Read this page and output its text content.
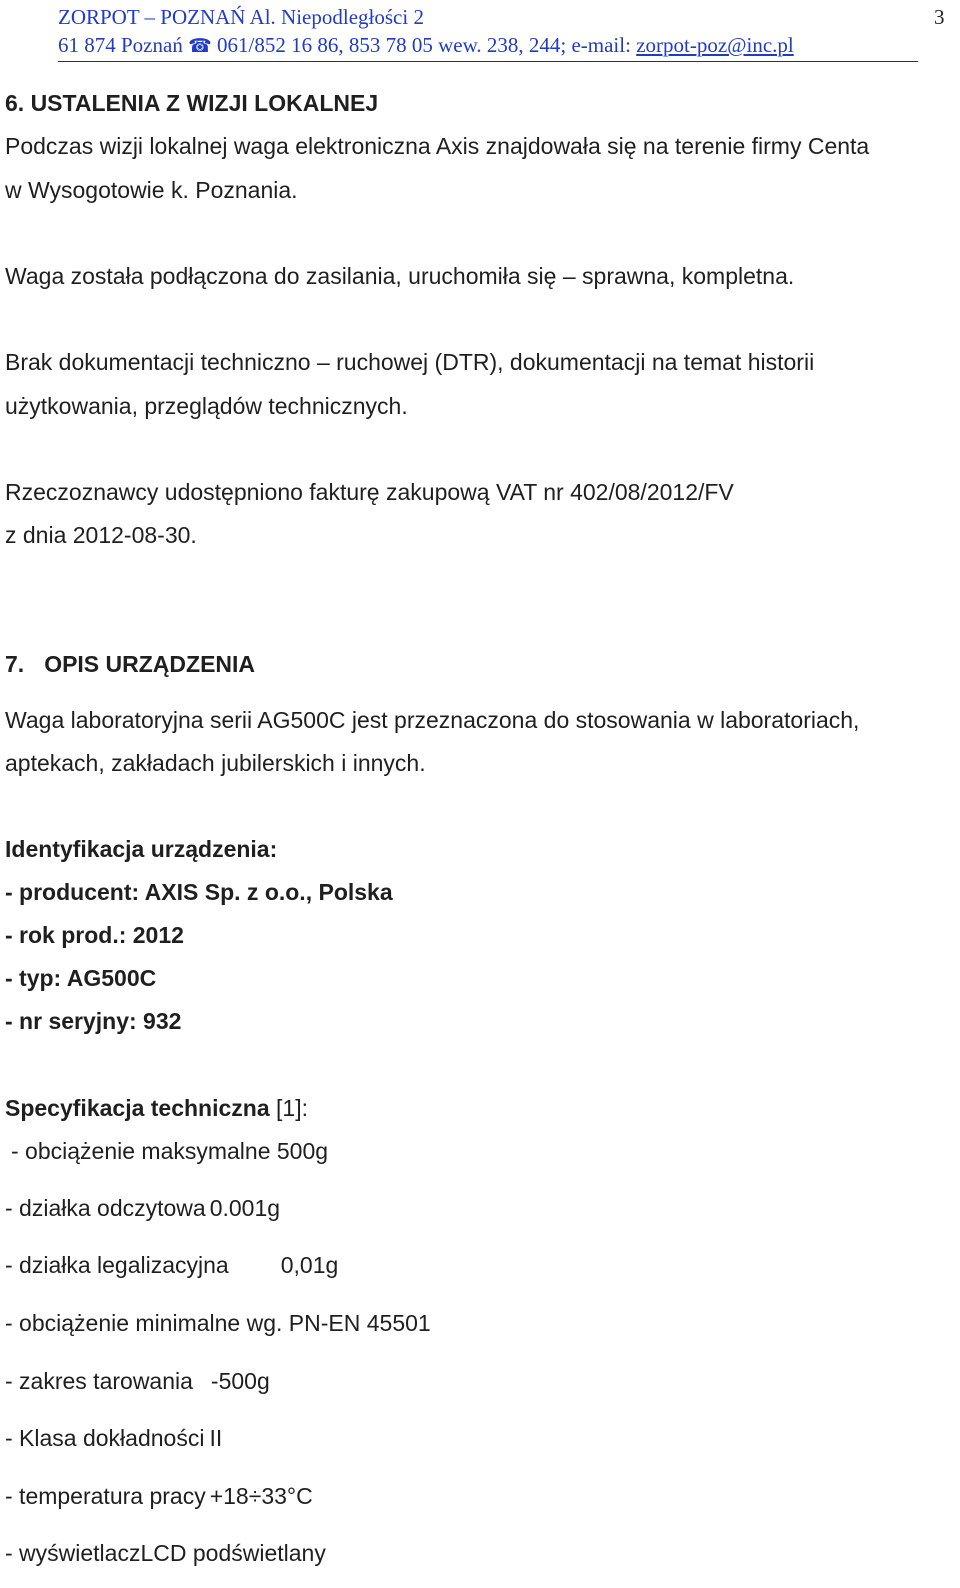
ZORPOT – POZNAŃ Al. Niepodległości 2
61 874 Poznań ☎ 061/852 16 86, 853 78 05 wew. 238, 244; e-mail: zorpot-poz@inc.pl
3
6. USTALENIA Z WIZJI LOKALNEJ
Podczas wizji lokalnej waga elektroniczna Axis znajdowała się na terenie firmy Centa
w Wysogotowie k. Poznania.
Waga została podłączona do zasilania, uruchomiła się – sprawna, kompletna.
Brak dokumentacji techniczno – ruchowej (DTR), dokumentacji na temat historii
użytkowania, przeglądów technicznych.
Rzeczoznawcy udostępniono fakturę zakupową VAT nr 402/08/2012/FV
z dnia 2012-08-30.
7. OPIS URZĄDZENIA
Waga laboratoryjna serii AG500C jest przeznaczona do stosowania w laboratoriach,
aptekach, zakładach jubilerskich i innych.
Identyfikacja urządzenia:
- producent: AXIS Sp. z o.o., Polska
- rok prod.: 2012
- typ: AG500C
- nr seryjny: 932
Specyfikacja techniczna [1]:
- obciążenie maksymalne 500g
- działka odczytowa 0.001g
- działka legalizacyjna 0,01g
- obciążenie minimalne wg. PN-EN 45501
- zakres tarowania -500g
- Klasa dokładności II
- temperatura pracy +18÷33°C
- wyświetlaczLCD podświetlany
